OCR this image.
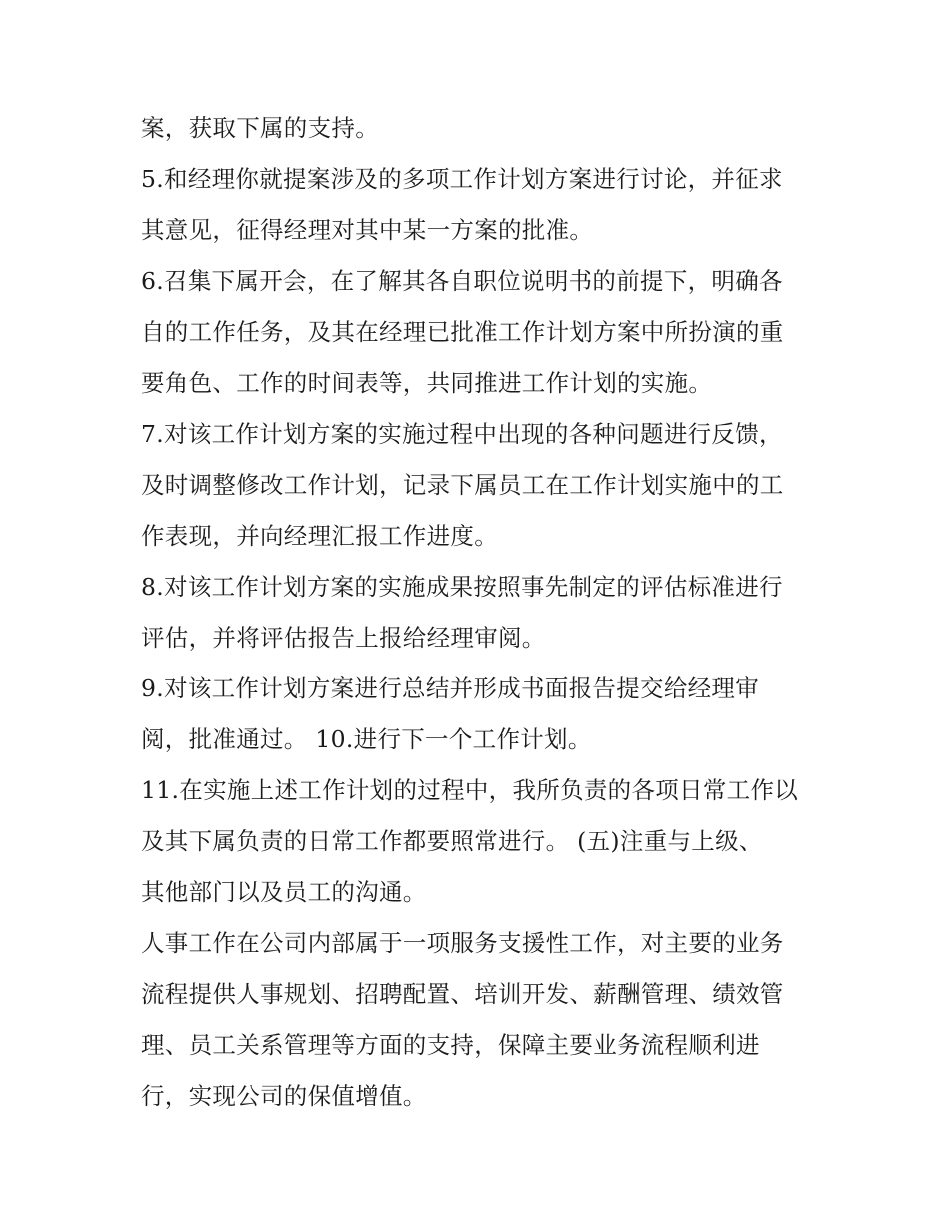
案，获取下属的支持。
5.和经理你就提案涉及的多项工作计划方案进行讨论，并征求
其意见，征得经理对其中某一方案的批准。
6.召集下属开会，在了解其各自职位说明书的前提下，明确各
自的工作任务，及其在经理已批准工作计划方案中所扮演的重
要角色、工作的时间表等，共同推进工作计划的实施。
7.对该工作计划方案的实施过程中出现的各种问题进行反馈，
及时调整修改工作计划，记录下属员工在工作计划实施中的工
作表现，并向经理汇报工作进度。
8.对该工作计划方案的实施成果按照事先制定的评估标准进行
评估，并将评估报告上报给经理审阅。
9.对该工作计划方案进行总结并形成书面报告提交给经理审
阅，批准通过。 10.进行下一个工作计划。
11.在实施上述工作计划的过程中，我所负责的各项日常工作以
及其下属负责的日常工作都要照常进行。 (五)注重与上级、
其他部门以及员工的沟通。
人事工作在公司内部属于一项服务支援性工作，对主要的业务
流程提供人事规划、招聘配置、培训开发、薪酬管理、绩效管
理、员工关系管理等方面的支持，保障主要业务流程顺利进
行，实现公司的保值增值。
